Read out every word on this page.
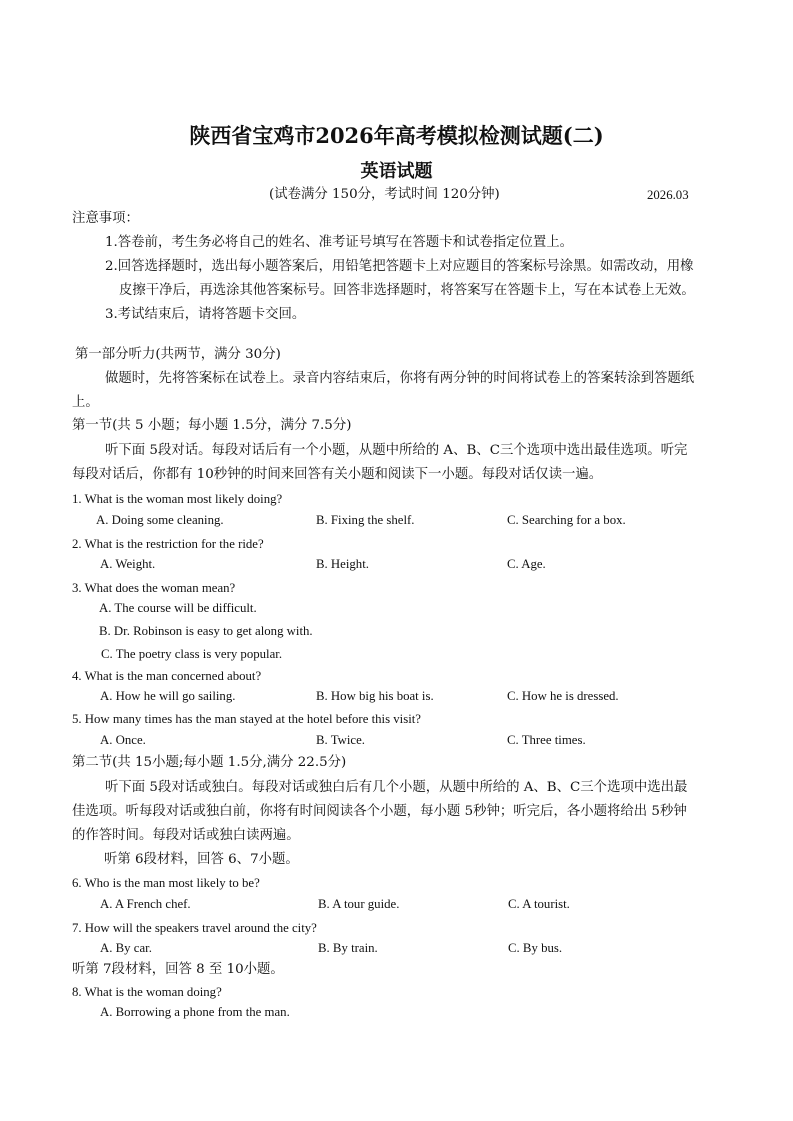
陕西省宝鸡市2026年高考模拟检测试题(二)
英语试题
(试卷满分 150分，考试时间 120分钟)	2026.03
注意事项：
1.答卷前，考生务必将自己的姓名、准考证号填写在答题卡和试卷指定位置上。
2.回答选择题时，选出每小题答案后，用铅笔把答题卡上对应题目的答案标号涂黑。如需改动，用橡
皮擦干净后，再选涂其他答案标号。回答非选择题时，将答案写在答题卡上，写在本试卷上无效。
3.考试结束后，请将答题卡交回。
第一部分听力(共两节，满分 30分)
做题时，先将答案标在试卷上。录音内容结束后，你将有两分钟的时间将试卷上的答案转涂到答题纸
上。
第一节(共 5 小题；每小题 1.5分，满分 7.5分)
听下面 5段对话。每段对话后有一个小题，从题中所给的 A、B、C三个选项中选出最佳选项。听完
每段对话后，你都有 10秒钟的时间来回答有关小题和阅读下一小题。每段对话仅读一遍。
1. What is the woman most likely doing?
A. Doing some cleaning.	B. Fixing the shelf.	C. Searching for a box.
2. What is the restriction for the ride?
A. Weight.	B. Height.	C. Age.
3. What does the woman mean?
A. The course will be difficult.
B. Dr. Robinson is easy to get along with.
C. The poetry class is very popular.
4. What is the man concerned about?
A. How he will go sailing.	B. How big his boat is.	C. How he is dressed.
5. How many times has the man stayed at the hotel before this visit?
A. Once.	B. Twice.	C. Three times.
第二节(共 15小题;每小题 1.5分,满分 22.5分)
听下面 5段对话或独白。每段对话或独白后有几个小题，从题中所给的 A、B、C三个选项中选出最
佳选项。听每段对话或独白前，你将有时间阅读各个小题，每小题 5秒钟；听完后，各小题将给出 5秒钟
的作答时间。每段对话或独白读两遍。
听第 6段材料，回答 6、7小题。
6. Who is the man most likely to be?
A. A French chef.	B. A tour guide.	C. A tourist.
7. How will the speakers travel around the city?
A. By car.	B. By train.	C. By bus.
听第 7段材料，回答 8 至 10小题。
8. What is the woman doing?
A. Borrowing a phone from the man.
